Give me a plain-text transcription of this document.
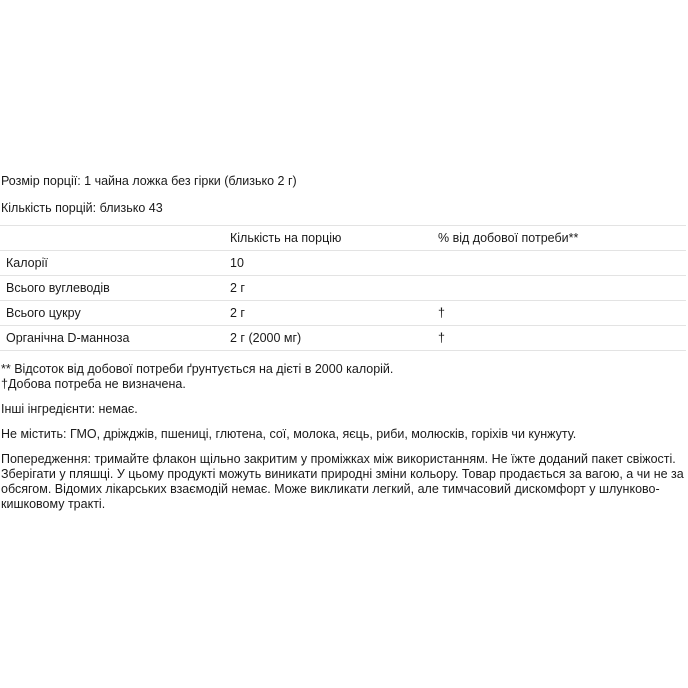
Розмір порції: 1 чайна ложка без гірки (близько 2 г)
Кількість порцій: близько 43
	Кількість на порцію	% від добової потреби**
Калорії	10	
Всього вуглеводів	2 г	
Всього цукру	2 г	†
Органічна D-манноза	2 г (2000 мг)	†
** Відсоток від добової потреби ґрунтується на дієті в 2000 калорій.
†Добова потреба не визначена.
Інші інгредієнти: немає.
Не містить: ГМО, дріжджів, пшениці, глютена, сої, молока, яєць, риби, молюсків, горіхів чи кунжуту.
Попередження: тримайте флакон щільно закритим у проміжках між використанням. Не їжте доданий пакет свіжості.
Зберігати у пляшці. У цьому продукті можуть виникати природні зміни кольору. Товар продається за вагою, а чи не за
обсягом. Відомих лікарських взаємодій немає. Може викликати легкий, але тимчасовий дискомфорт у шлунково-
кишковому тракті.
